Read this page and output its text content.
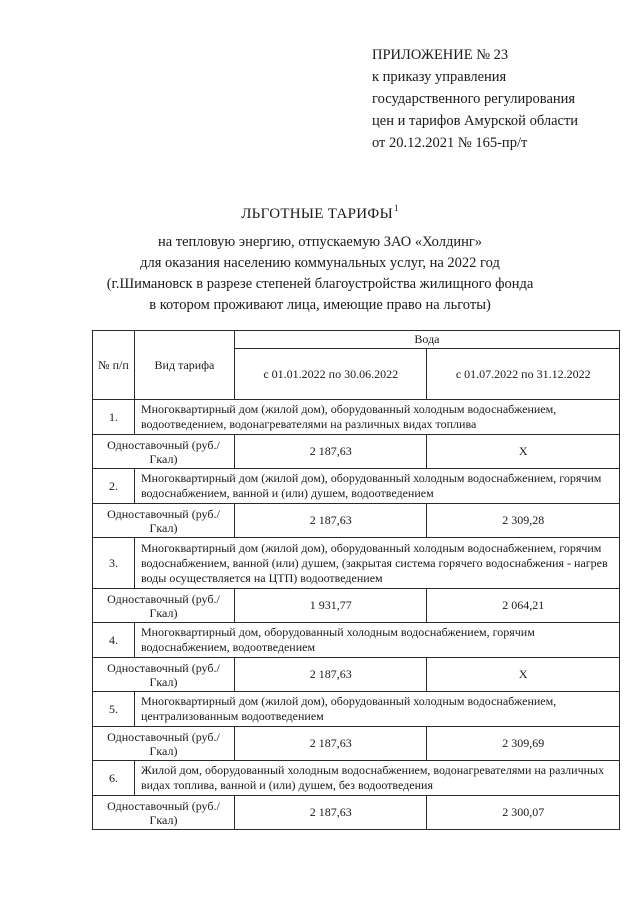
ПРИЛОЖЕНИЕ № 23
к приказу управления
государственного регулирования
цен и тарифов Амурской области
от 20.12.2021 № 165-пр/т
ЛЬГОТНЫЕ ТАРИФЫ$^1$
на тепловую энергию, отпускаемую ЗАО «Холдинг»
для оказания населению коммунальных услуг, на 2022 год
(г.Шимановск в разрезе степеней благоустройства жилищного фонда
в котором проживают лица, имеющие право на льготы)
№ п/п	Вид тарифа	Вода	
		с 01.01.2022 по 30.06.2022	с 01.07.2022 по 31.12.2022
1.	Многоквартирный дом (жилой дом), оборудованный холодным водоснабжением, водоотведением, водонагревателями на различных видах топлива		
Одноставочный (руб./Гкал)		2 187,63	Х
2.	Многоквартирный дом (жилой дом), оборудованный холодным водоснабжением, горячим водоснабжением, ванной и (или) душем, водоотведением		
Одноставочный (руб./Гкал)		2 187,63	2 309,28
3.	Многоквартирный дом (жилой дом), оборудованный холодным водоснабжением, горячим водоснабжением, ванной (или) душем, (закрытая система горячего водоснабжения - нагрев воды осуществляется на ЦТП) водоотведением		
Одноставочный (руб./Гкал)		1 931,77	2 064,21
4.	Многоквартирный дом, оборудованный холодным водоснабжением, горячим водоснабжением, водоотведением		
Одноставочный (руб./Гкал)		2 187,63	Х
5.	Многоквартирный дом (жилой дом), оборудованный холодным водоснабжением, централизованным водоотведением		
Одноставочный (руб./Гкал)		2 187,63	2 309,69
6.	Жилой дом, оборудованный холодным водоснабжением, водонагревателями на различных видах топлива, ванной и (или) душем, без водоотведения		
Одноставочный (руб./Гкал)		2 187,63	2 300,07
